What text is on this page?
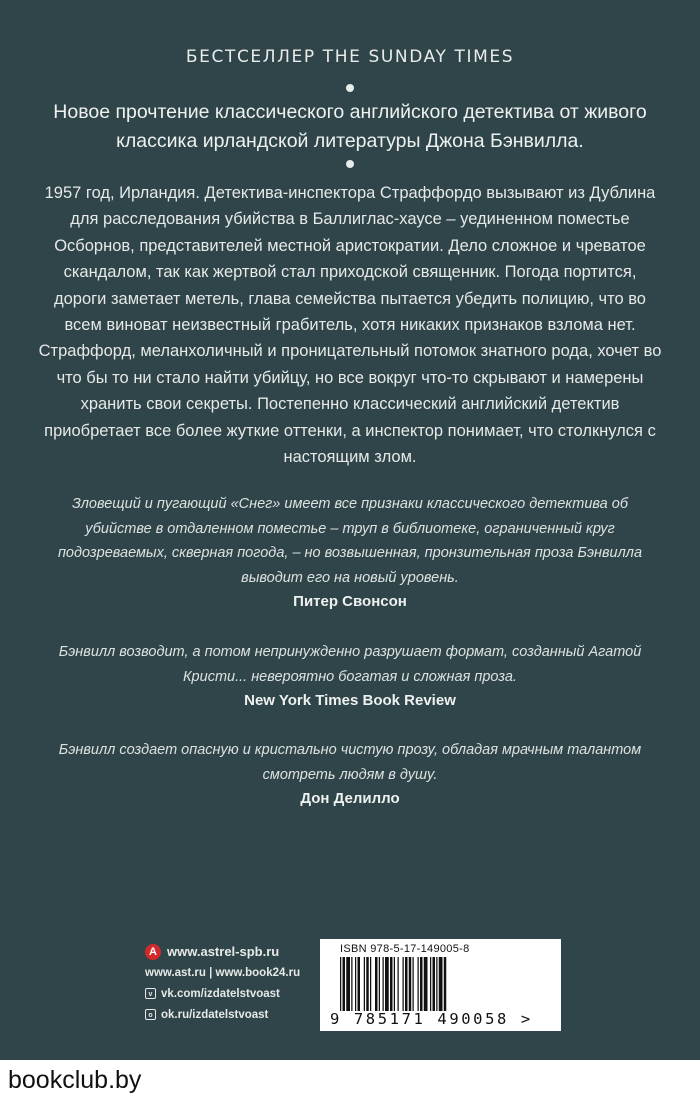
БЕСТСЕЛЛЕР THE SUNDAY TIMES
Новое прочтение классического английского детектива от живого классика ирландской литературы Джона Бэнвилла.
1957 год, Ирландия. Детектива-инспектора Страффордо вызывают из Дублина для расследования убийства в Баллиглас-хаусе – уединенном поместье Осборнов, представителей местной аристократии. Дело сложное и чреватое скандалом, так как жертвой стал приходской священник. Погода портится, дороги заметает метель, глава семейства пытается убедить полицию, что во всем виноват неизвестный грабитель, хотя никаких признаков взлома нет. Страффорд, меланхоличный и проницательный потомок знатного рода, хочет во что бы то ни стало найти убийцу, но все вокруг что-то скрывают и намерены хранить свои секреты. Постепенно классический английский детектив приобретает все более жуткие оттенки, а инспектор понимает, что столкнулся с настоящим злом.
Зловещий и пугающий «Снег» имеет все признаки классического детектива об убийстве в отдаленном поместье – труп в библиотеке, ограниченный круг подозреваемых, скверная погода, – но возвышенная, пронзительная проза Бэнвилла выводит его на новый уровень.
Питер Свонсон
Бэнвилл возводит, а потом непринужденно разрушает формат, созданный Агатой Кристи... невероятно богатая и сложная проза.
New York Times Book Review
Бэнвилл создает опасную и кристально чистую прозу, обладая мрачным талантом смотреть людям в душу.
Дон Делилло
A www.astrel-spb.ru
www.ast.ru | www.book24.ru
v vk.com/izdatelstvoast
o ok.ru/izdatelstvoast
ISBN 978-5-17-149005-8
9 785171 490058 >
bookclub.by
